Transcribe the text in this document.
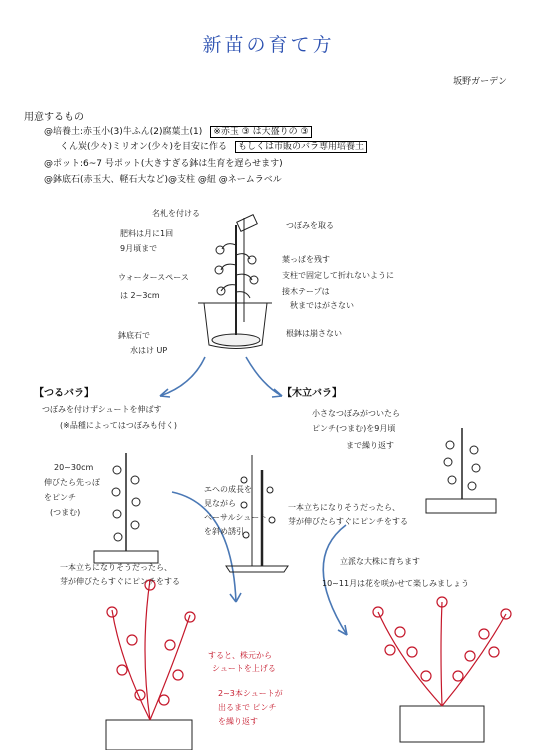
新苗の育て方
坂野ガーデン
用意するもの
@培養土:赤玉小(3)牛ふん(2)腐葉土(1) ※赤玉 ③ は大盛りの ③
くん炭(少々)ミリオン(少々)を目安に作る もしくは市販のバラ専用培養土
@ポット:6~7 号ポット(大きすぎる鉢は生育を遅らせます)
@鉢底石(赤玉大、軽石大など)@支柱 @紐 @ネームラベル
名札を付ける
肥料は月に1回
9月頃まで
ウォータースペース
は 2~3cm
鉢底石で
水はけ UP
つぼみを取る
葉っぱを残す
支柱で固定して折れないように
接木テープは
秋まではがさない
根鉢は崩さない
【つるバラ】
つぼみを付けずシュートを伸ばす
(※品種によってはつぼみも付く)
20~30cm
伸びたら先っぽ
をピンチ
(つまむ)
エヘの成長を
見ながら
ベーサルシュート
を斜め誘引
一本立ちになりそうだったら、
芽が伸びたらすぐにピンチをする
すると、株元から
シュートを上げる
2~3本シュートが
出るまで ピンチ
を繰り返す
【木立バラ】
小さなつぼみがついたら
ピンチ(つまむ)を9月頃
まで繰り返す
一本立ちになりそうだったら、
芽が伸びたらすぐにピンチをする
立派な大株に育ちます
10~11月は花を咲かせて楽しみましょう
